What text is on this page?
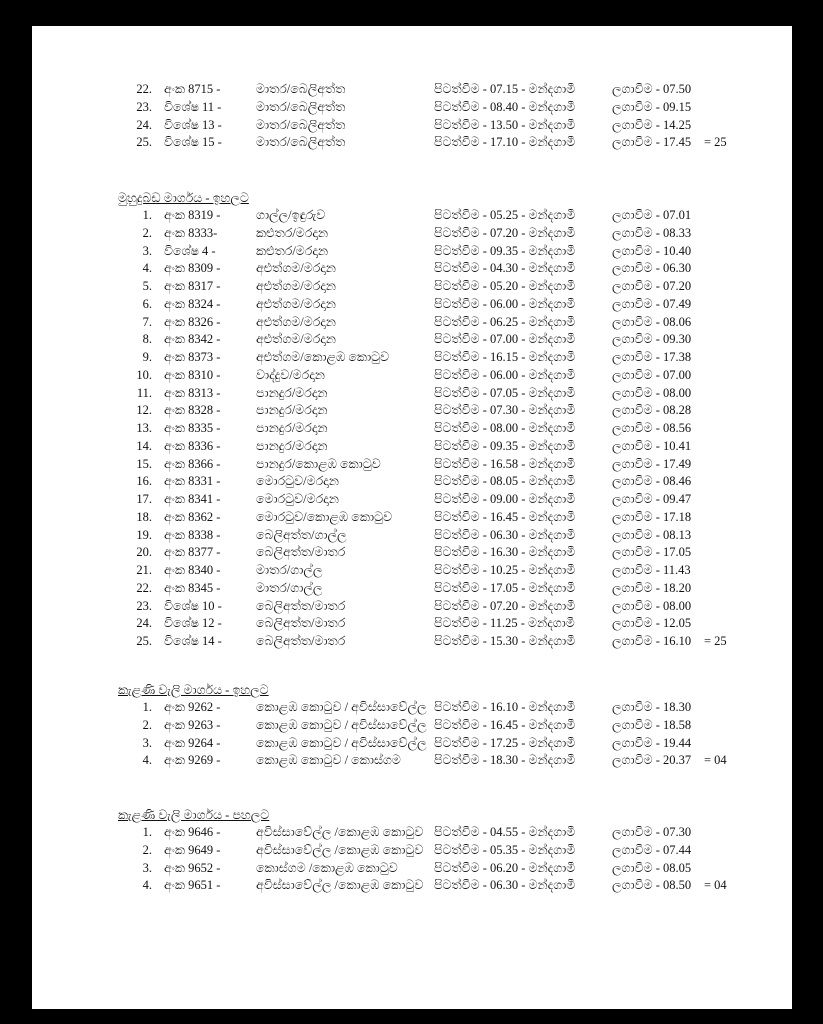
22. අංක 8715 -	මාතර/බෙලිඅත්ත	පිටත්වීම - 07.15 - මන්දගාමී	ලගාවීම - 07.50
23. විශේෂ 11 -	මාතර/බෙලිඅත්ත	පිටත්වීම - 08.40 - මන්දගාමී	ලගාවීම - 09.15
24. විශේෂ 13 -	මාතර/බෙලිඅත්ත	පිටත්වීම - 13.50 - මන්දගාමී	ලගාවීම - 14.25
25. විශේෂ 15 -	මාතර/බෙලිඅත්ත	පිටත්වීම - 17.10 - මන්දගාමී	ලගාවීම - 17.45 = 25
මුහුදුබඩ මාර්ගය - ඉහලට
1. අංක 8319 -	ගාල්ල/ඉඳුරුව	පිටත්වීම - 05.25 - මන්දගාමී	ලගාවීම - 07.01
2. අංක 8333-	කළුතර/මරදාන	පිටත්වීම - 07.20 - මන්දගාමී	ලගාවීම - 08.33
3. විශේෂ 4 -	කළුතර/මරදාන	පිටත්වීම - 09.35 - මන්දගාමී	ලගාවීම - 10.40
4. අංක 8309 -	අළුත්ගම/මරදාන	පිටත්වීම - 04.30 - මන්දගාමී	ලගාවීම - 06.30
5. අංක 8317 -	අළුත්ගම/මරදාන	පිටත්වීම - 05.20 - මන්දගාමී	ලගාවීම - 07.20
6. අංක 8324 -	අළුත්ගම/මරදාන	පිටත්වීම - 06.00 - මන්දගාමී	ලගාවීම - 07.49
7. අංක 8326 -	අළුත්ගම/මරදාන	පිටත්වීම - 06.25 - මන්දගාමී	ලගාවීම - 08.06
8. අංක 8342 -	අළුත්ගම/මරදාන	පිටත්වීම - 07.00 - මන්දගාමී	ලගාවීම - 09.30
9. අංක 8373 -	අළුත්ගම/කොළඹ කොටුව	පිටත්වීම - 16.15 - මන්දගාමී	ලගාවීම - 17.38
10. අංක 8310 -	වාද්දුව/මරදාන	පිටත්වීම - 06.00 - මන්දගාමී	ලගාවීම - 07.00
11. අංක 8313 -	පානදුර/මරදාන	පිටත්වීම - 07.05 - මන්දගාමී	ලගාවීම - 08.00
12. අංක 8328 -	පානදුර/මරදාන	පිටත්වීම - 07.30 - මන්දගාමී	ලගාවීම - 08.28
13. අංක 8335 -	පානදුර/මරදාන	පිටත්වීම - 08.00 - මන්දගාමී	ලගාවීම - 08.56
14. අංක 8336 -	පානදුර/මරදාන	පිටත්වීම - 09.35 - මන්දගාමී	ලගාවීම - 10.41
15. අංක 8366 -	පානදුර/කොළඹ කොටුව	පිටත්වීම - 16.58 - මන්දගාමී	ලගාවීම - 17.49
16. අංක 8331 -	මොරටුව/මරදාන	පිටත්වීම - 08.05 - මන්දගාමී	ලගාවීම - 08.46
17. අංක 8341 -	මොරටුව/මරදාන	පිටත්වීම - 09.00 - මන්දගාමී	ලගාවීම - 09.47
18. අංක 8362 -	මොරටුව/කොළඹ කොටුව	පිටත්වීම - 16.45 - මන්දගාමී	ලගාවීම - 17.18
19. අංක 8338 -	බෙලිඅත්ත/ගාල්ල	පිටත්වීම - 06.30 - මන්දගාමී	ලගාවීම - 08.13
20. අංක 8377 -	බෙලිඅත්ත/මාතර	පිටත්වීම - 16.30 - මන්දගාමී	ලගාවීම - 17.05
21. අංක 8340 -	මාතර/ගාල්ල	පිටත්වීම - 10.25 - මන්දගාමී	ලගාවීම - 11.43
22. අංක 8345 -	මාතර/ගාල්ල	පිටත්වීම - 17.05 - මන්දගාමී	ලගාවීම - 18.20
23. විශේෂ 10 -	බෙලිඅත්ත/මාතර	පිටත්වීම - 07.20 - මන්දගාමී	ලගාවීම - 08.00
24. විශේෂ 12 -	බෙලිඅත්ත/මාතර	පිටත්වීම - 11.25 - මන්දගාමී	ලගාවීම - 12.05
25. විශේෂ 14 -	බෙලිඅත්ත/මාතර	පිටත්වීම - 15.30 - මන්දගාමී	ලගාවීම - 16.10 = 25
කැළණි වැලි මාර්ගය - ඉහලට
1. අංක 9262 -	කොළඹ කොටුව / අවිස්සාවේල්ල පිටත්වීම - 16.10 - මන්දගාමී	ලගාවීම - 18.30
2. අංක 9263 -	කොළඹ කොටුව / අවිස්සාවේල්ල පිටත්වීම - 16.45 - මන්දගාමී	ලගාවීම - 18.58
3. අංක 9264 -	කොළඹ කොටුව / අවිස්සාවේල්ල පිටත්වීම - 17.25 - මන්දගාමී	ලගාවීම - 19.44
4. අංක 9269 -	කොළඹ කොටුව / කොස්ගම	පිටත්වීම - 18.30 - මන්දගාමී	ලගාවීම - 20.37 = 04
කැළණි වැලි මාර්ගය - පහලට
1. අංක 9646 -	අවිස්සාවේල්ල /කොළඹ කොටුව පිටත්වීම - 04.55 - මන්දගාමී	ලගාවීම - 07.30
2. අංක 9649 -	අවිස්සාවේල්ල /කොළඹ කොටුව පිටත්වීම - 05.35 - මන්දගාමී	ලගාවීම - 07.44
3. අංක 9652 -	කොස්ගම /කොළඹ කොටුව	පිටත්වීම - 06.20 - මන්දගාමී	ලගාවීම - 08.05
4. අංක 9651 -	අවිස්සාවේල්ල /කොළඹ කොටුව පිටත්වීම - 06.30 - මන්දගාමී	ලගාවීම - 08.50 = 04
